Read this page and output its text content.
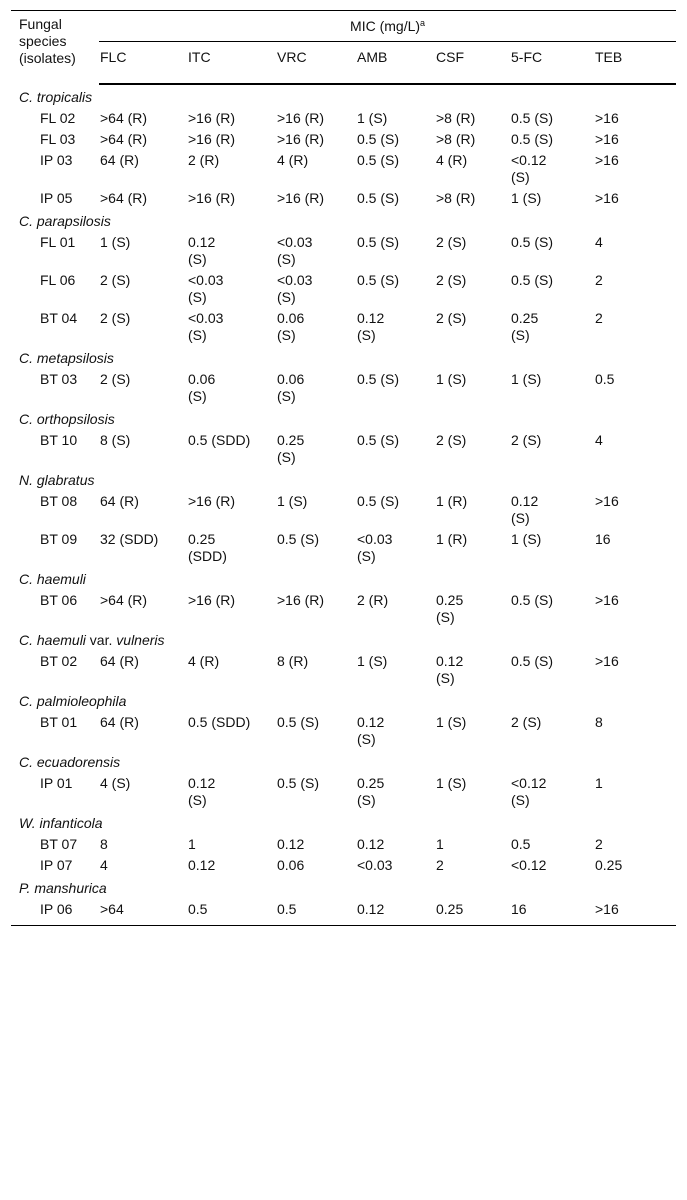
Fungal species (isolates)	MIC $(mg/L)^a$
	FLC	ITC	VRC	AMB	CSF	5-FC	TEB
C. tropicalis							

FL 02	>64 (R)	>16 (R)	>16 (R)	1 (S)	>8 (R)	0.5 (S)	>16

FL 03	>64 (R)	>16 (R)	>16 (R)	0.5 (S)	>8 (R)	0.5 (S)	>16

IP 03	64 (R)	2 (R)	4 (R)	0.5 (S)	4 (R)	<0.12 (S)	>16

IP 05	>64 (R)	>16 (R)	>16 (R)	0.5 (S)	>8 (R)	1 (S)	>16

C. parapsilosis							

FL 01	1 (S)	0.12 (S)	<0.03 (S)	0.5 (S)	2 (S)	0.5 (S)	4

FL 06	2 (S)	<0.03 (S)	<0.03 (S)	0.5 (S)	2 (S)	0.5 (S)	2

BT 04	2 (S)	<0.03 (S)	0.06 (S)	0.12 (S)	2 (S)	0.25 (S)	2

C. metapsilosis							

BT 03	2 (S)	0.06 (S)	0.06 (S)	0.5 (S)	1 (S)	1 (S)	0.5

C. orthopsilosis							

BT 10	8 (S)	0.5 (SDD)	0.25 (S)	0.5 (S)	2 (S)	2 (S)	4

N. glabratus							

BT 08	64 (R)	>16 (R)	1 (S)	0.5 (S)	1 (R)	0.12 (S)	>16

BT 09	32 (SDD)	0.25 (SDD)	0.5 (S)	<0.03 (S)	1 (R)	1 (S)	16

C. haemuli							

BT 06	>64 (R)	>16 (R)	>16 (R)	2 (R)	0.25 (S)	0.5 (S)	>16

C. haemuli var. vulneris							

BT 02	64 (R)	4 (R)	8 (R)	1 (S)	0.12 (S)	0.5 (S)	>16

C. palmioleophila							

BT 01	64 (R)	0.5 (SDD)	0.5 (S)	0.12 (S)	1 (S)	2 (S)	8

C. ecuadorensis							

IP 01	4 (S)	0.12 (S)	0.5 (S)	0.25 (S)	1 (S)	<0.12 (S)	1

W. infanticola							

BT 07	8	1	0.12	0.12	1	0.5	2

IP 07	4	0.12	0.06	<0.03	2	<0.12	0.25

P. manshurica							

IP 06	>64	0.5	0.5	0.12	0.25	16	>16
